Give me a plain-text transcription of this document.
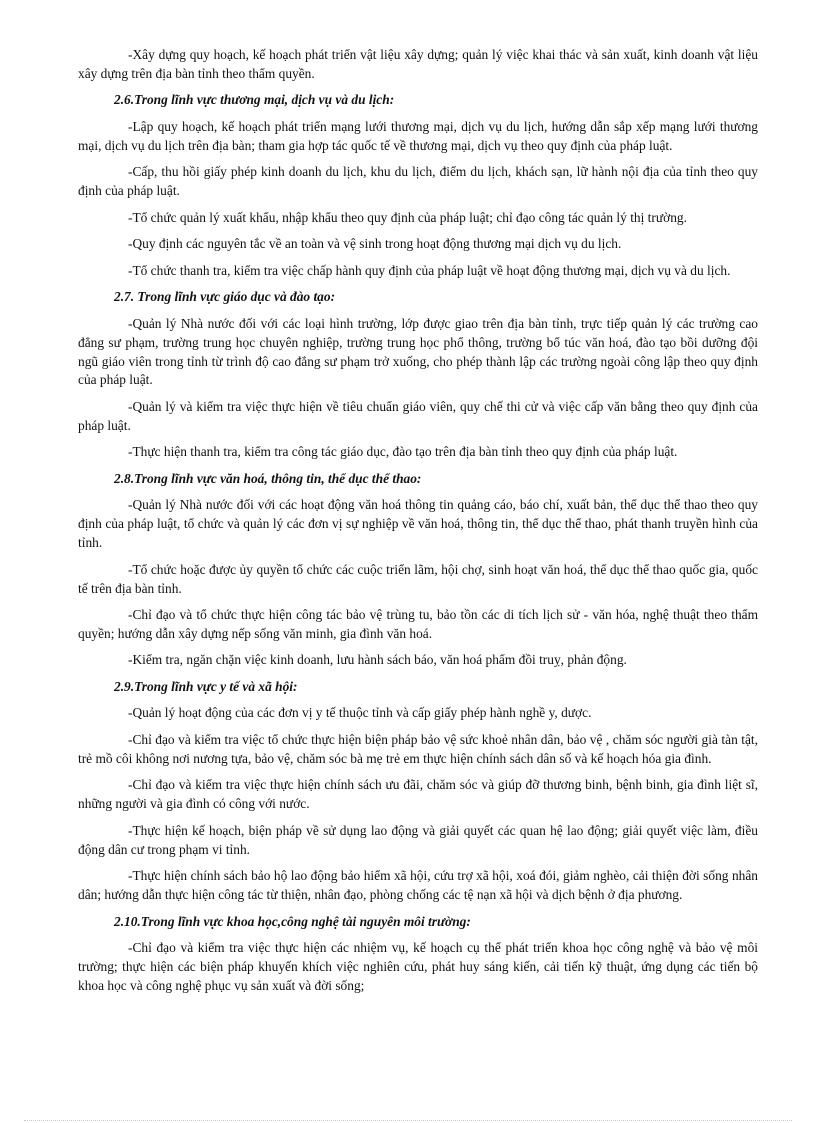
-Xây dựng quy hoạch, kế hoạch phát triển vật liệu xây dựng; quản lý việc khai thác và sản xuất, kinh doanh vật liệu xây dựng trên địa bàn tỉnh theo thẩm quyền.

2.6.Trong lĩnh vực thương mại, dịch vụ và du lịch:

-Lập quy hoạch, kế hoạch phát triển mạng lưới thương mại, dịch vụ du lịch, hướng dẫn sắp xếp mạng lưới thương mại, dịch vụ du lịch trên địa bàn; tham gia hợp tác quốc tế về thương mại, dịch vụ theo quy định của pháp luật.

-Cấp, thu hồi giấy phép kinh doanh du lịch, khu du lịch, điểm du lịch, khách sạn, lữ hành nội địa của tỉnh theo quy định của pháp luật.

-Tổ chức quản lý xuất khẩu, nhập khẩu theo quy định của pháp luật; chỉ đạo công tác quản lý thị trường.

-Quy định các nguyên tắc về an toàn và vệ sinh trong hoạt động thương mại dịch vụ du lịch.

-Tổ chức thanh tra, kiểm tra việc chấp hành quy định của pháp luật về hoạt động thương mại, dịch vụ và du lịch.

2.7. Trong lĩnh vực giáo dục và đào tạo:

-Quản lý Nhà nước đối với các loại hình trường, lớp được giao trên địa bàn tỉnh, trực tiếp quản lý các trường cao đẳng sư phạm, trường trung học chuyên nghiệp, trường trung học phổ thông, trường bổ túc văn hoá, đào tạo bồi dưỡng đội ngũ giáo viên trong tỉnh từ trình độ cao đẳng sư phạm trở xuống, cho phép thành lập các trường ngoài công lập theo quy định của pháp luật.

-Quản lý và kiểm tra việc thực hiện về tiêu chuẩn giáo viên, quy chế thi cử và việc cấp văn bằng theo quy định của pháp luật.

-Thực hiện thanh tra, kiểm tra công tác giáo dục, đào tạo trên địa bàn tỉnh theo quy định của pháp luật.

2.8.Trong lĩnh vực văn hoá, thông tin, thể dục thể thao:

-Quản lý Nhà nước đối với các hoạt động văn hoá thông tin quảng cáo, báo chí, xuất bản, thể dục thể thao theo quy định của pháp luật, tổ chức và quản lý các đơn vị sự nghiệp về văn hoá, thông tin, thể dục thể thao, phát thanh truyền hình của tỉnh.

-Tổ chức hoặc được ủy quyền tổ chức các cuộc triển lãm, hội chợ, sinh hoạt văn hoá, thể dục thể thao quốc gia, quốc tế trên địa bàn tỉnh.

-Chỉ đạo và tổ chức thực hiện công tác bảo vệ trùng tu, bảo tồn các di tích lịch sử - văn hóa, nghệ thuật theo thẩm quyền; hướng dẫn xây dựng nếp sống văn minh, gia đình văn hoá.

-Kiểm tra, ngăn chặn việc kinh doanh, lưu hành sách báo, văn hoá phẩm đồi truỵ, phản động.

2.9.Trong lĩnh vực y tế và xã hội:

-Quản lý hoạt động của các đơn vị y tế thuộc tỉnh và cấp giấy phép hành nghề y, dược.

-Chỉ đạo và kiểm tra việc tổ chức thực hiện biện pháp bảo vệ sức khoẻ nhân dân, bảo vệ , chăm sóc người già tàn tật, trẻ mồ côi không nơi nương tựa, bảo vệ, chăm sóc bà mẹ trẻ em thực hiện chính sách dân số và kế hoạch hóa gia đình.

-Chỉ đạo và kiểm tra việc thực hiện chính sách ưu đãi, chăm sóc và giúp đỡ thương binh, bệnh binh, gia đình liệt sĩ, những người và gia đình có công với nước.

-Thực hiện kế hoạch, biện pháp về sử dụng lao động và giải quyết các quan hệ lao động; giải quyết việc làm, điều động dân cư trong phạm vi tỉnh.

-Thực hiện chính sách bảo hộ lao động bảo hiểm xã hội, cứu trợ xã hội, xoá đói, giảm nghèo, cải thiện đời sống nhân dân; hướng dẫn thực hiện công tác từ thiện, nhân đạo, phòng chống các tệ nạn xã hội và dịch bệnh ở địa phương.

2.10.Trong lĩnh vực khoa học,công nghệ tài nguyên môi trường:

-Chỉ đạo và kiểm tra việc thực hiện các nhiệm vụ, kế hoạch cụ thể phát triển khoa học công nghệ và bảo vệ môi trường; thực hiện các biện pháp khuyến khích việc nghiên cứu, phát huy sáng kiến, cải tiến kỹ thuật, ứng dụng các tiến bộ khoa học và công nghệ phục vụ sản xuất và đời sống;
